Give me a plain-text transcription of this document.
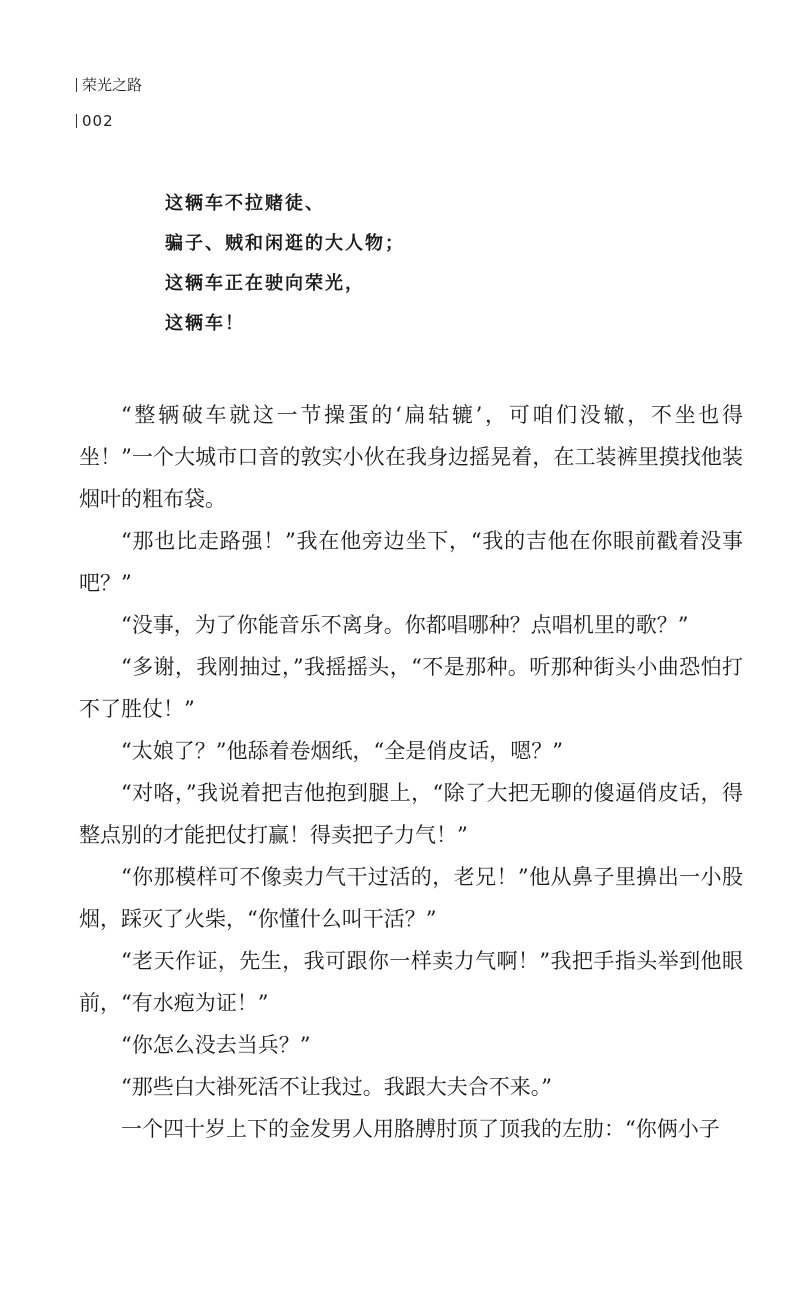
荣光之路
002
这辆车不拉赌徒、
骗子、贼和闲逛的大人物；
这辆车正在驶向荣光，
这辆车！

“整辆破车就这一节操蛋的‘扁轱辘’，可咱们没辙，不坐也得坐！”一个大城市口音的敦实小伙在我身边摇晃着，在工装裤里摸找他装烟叶的粗布袋。

“那也比走路强！”我在他旁边坐下，“我的吉他在你眼前戳着没事吧？”

“没事，为了你能音乐不离身。你都唱哪种？点唱机里的歌？”

“多谢，我刚抽过，”我摇摇头，“不是那种。听那种街头小曲恐怕打不了胜仗！”

“太娘了？”他舔着卷烟纸，“全是俏皮话，嗯？”

“对咯，”我说着把吉他抱到腿上，“除了大把无聊的傻逼俏皮话，得整点别的才能把仗打赢！得卖把子力气！”

“你那模样可不像卖力气干过活的，老兄！”他从鼻子里擤出一小股烟，踩灭了火柴，“你懂什么叫干活？”

“老天作证，先生，我可跟你一样卖力气啊！”我把手指头举到他眼前，“有水疱为证！”

“你怎么没去当兵？”

“那些白大褂死活不让我过。我跟大夫合不来。”

一个四十岁上下的金发男人用胳膊肘顶了顶我的左肋：“你俩小子
